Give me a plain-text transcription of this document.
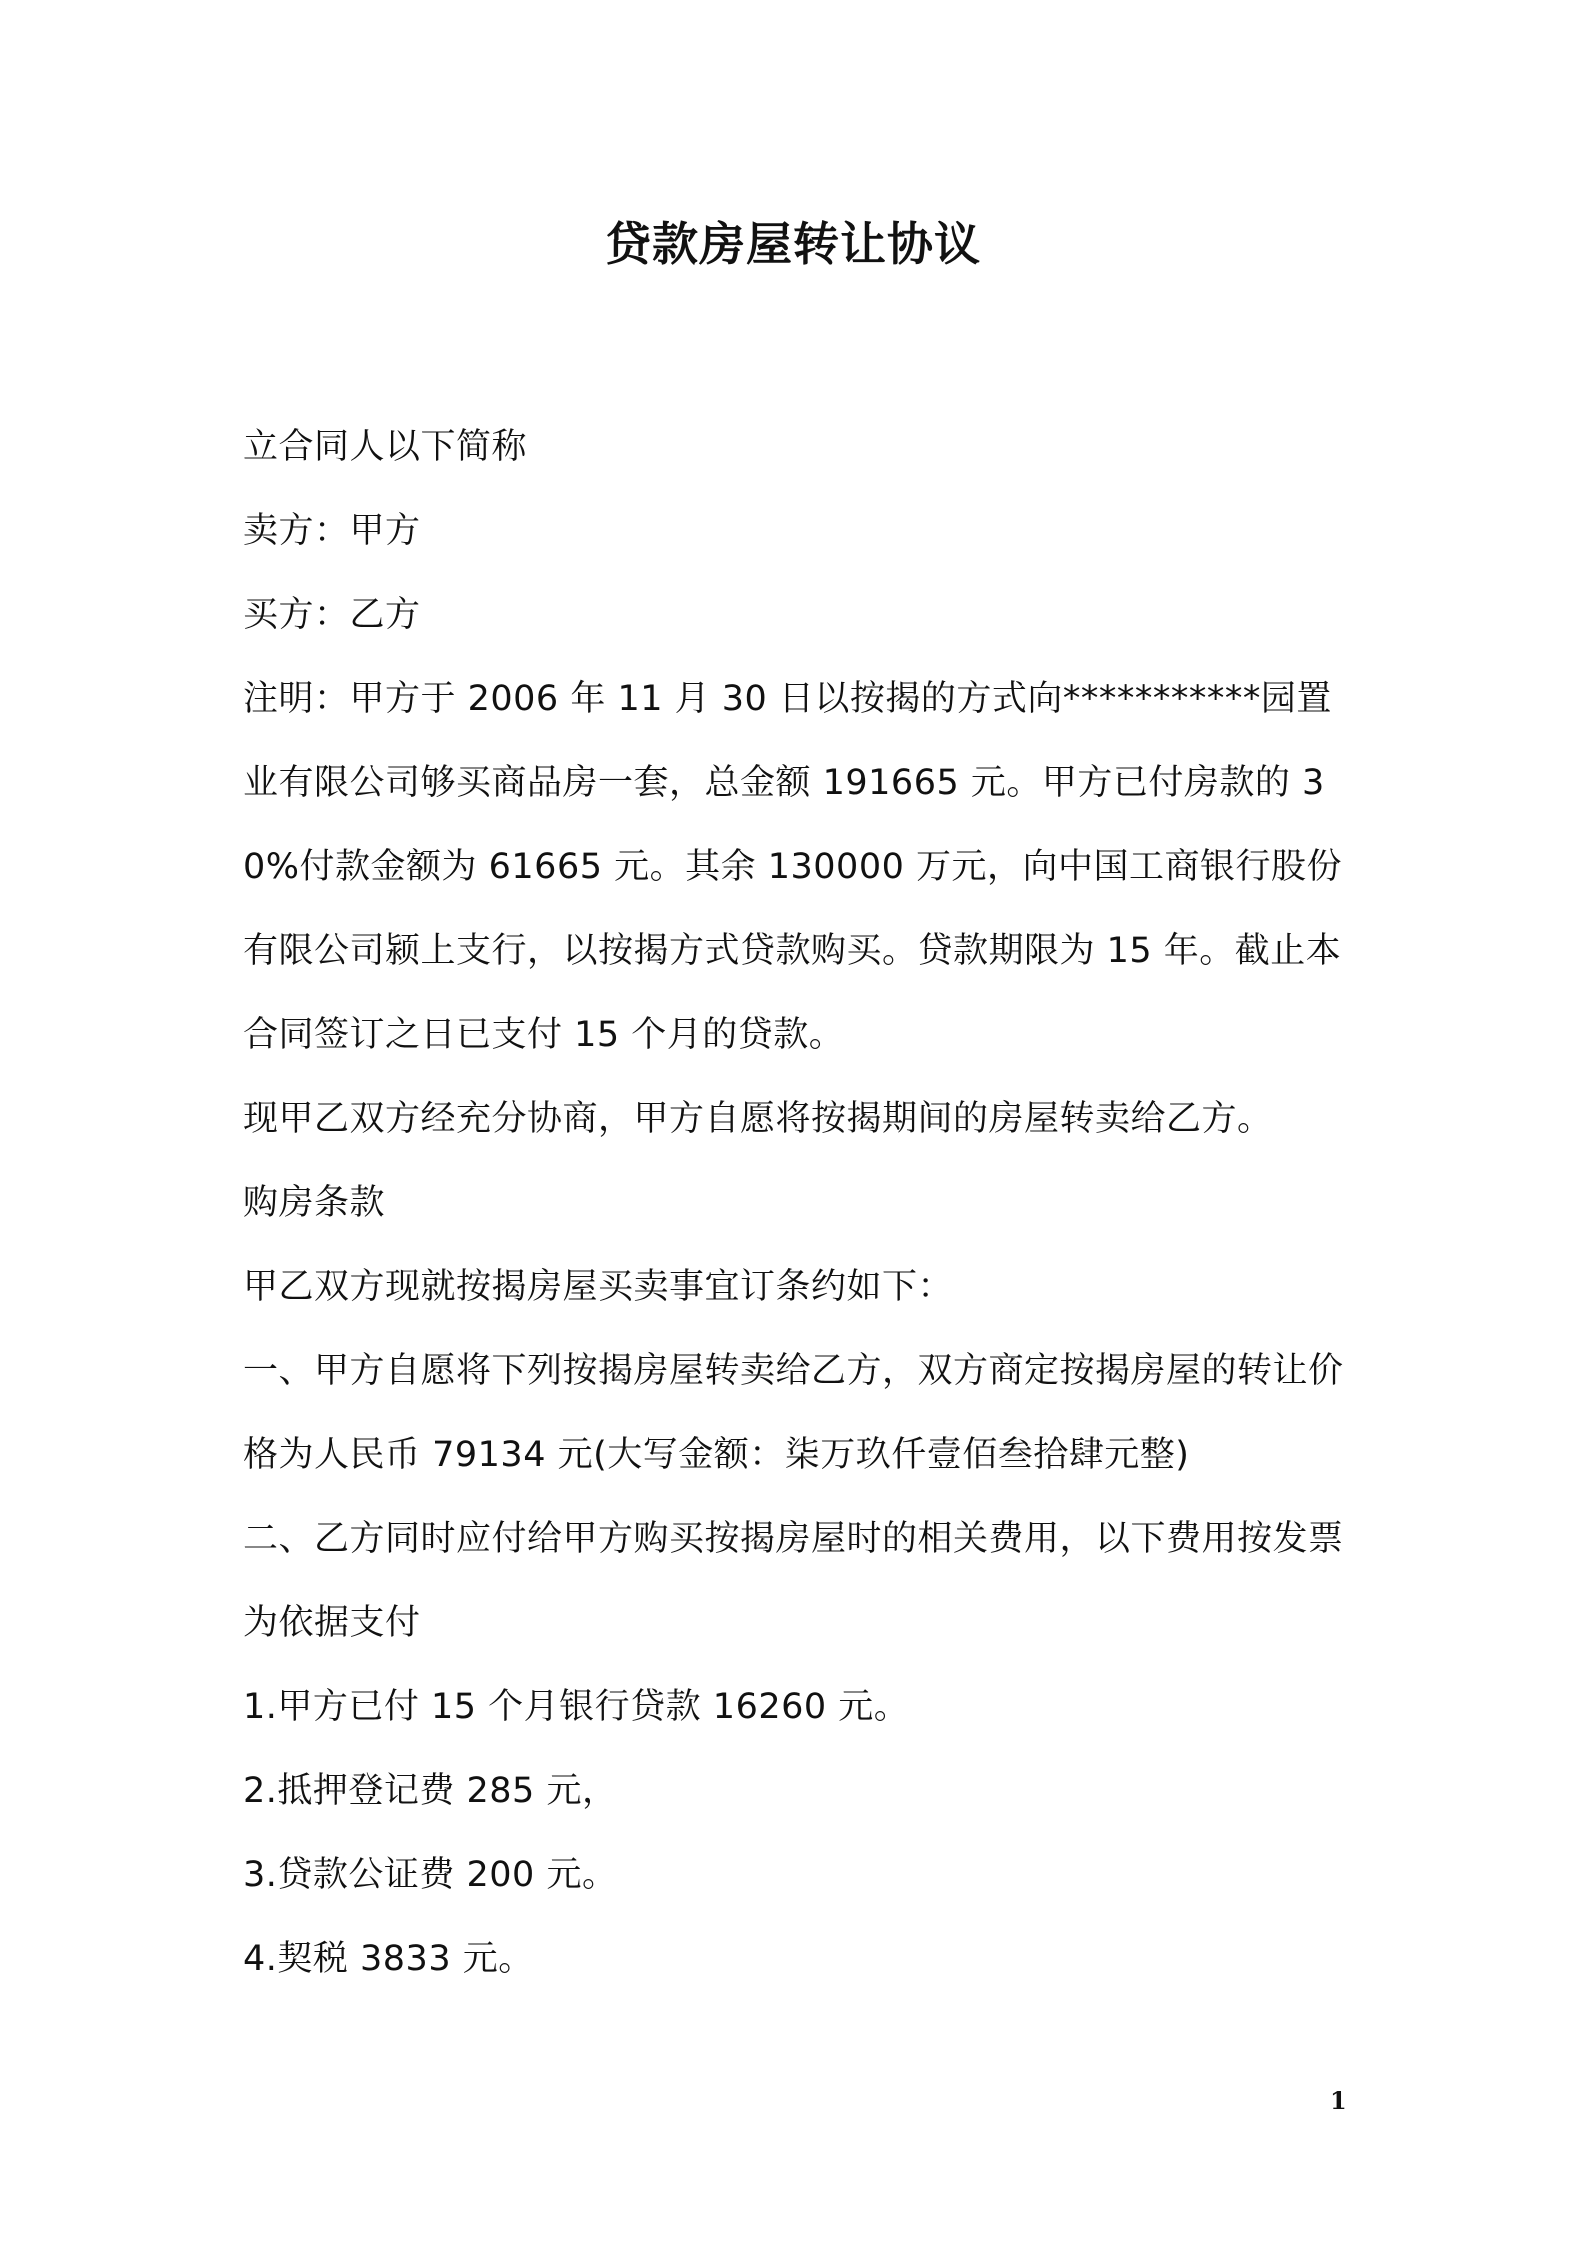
贷款房屋转让协议

立合同人以下简称

卖方：甲方

买方：乙方

注明：甲方于 2006 年 11 月 30 日以按揭的方式向***********园置业有限公司够买商品房一套，总金额 191665 元。甲方已付房款的 30%付款金额为 61665 元。其余 130000 万元，向中国工商银行股份有限公司颍上支行，以按揭方式贷款购买。贷款期限为 15 年。截止本合同签订之日已支付 15 个月的贷款。

现甲乙双方经充分协商，甲方自愿将按揭期间的房屋转卖给乙方。

购房条款

甲乙双方现就按揭房屋买卖事宜订条约如下：

一、甲方自愿将下列按揭房屋转卖给乙方，双方商定按揭房屋的转让价格为人民币 79134 元(大写金额：柒万玖仟壹佰叁拾肆元整)

二、乙方同时应付给甲方购买按揭房屋时的相关费用，以下费用按发票为依据支付

1.甲方已付 15 个月银行贷款 16260 元。

2.抵押登记费 285 元，

3.贷款公证费 200 元。

4.契税 3833 元。

1
